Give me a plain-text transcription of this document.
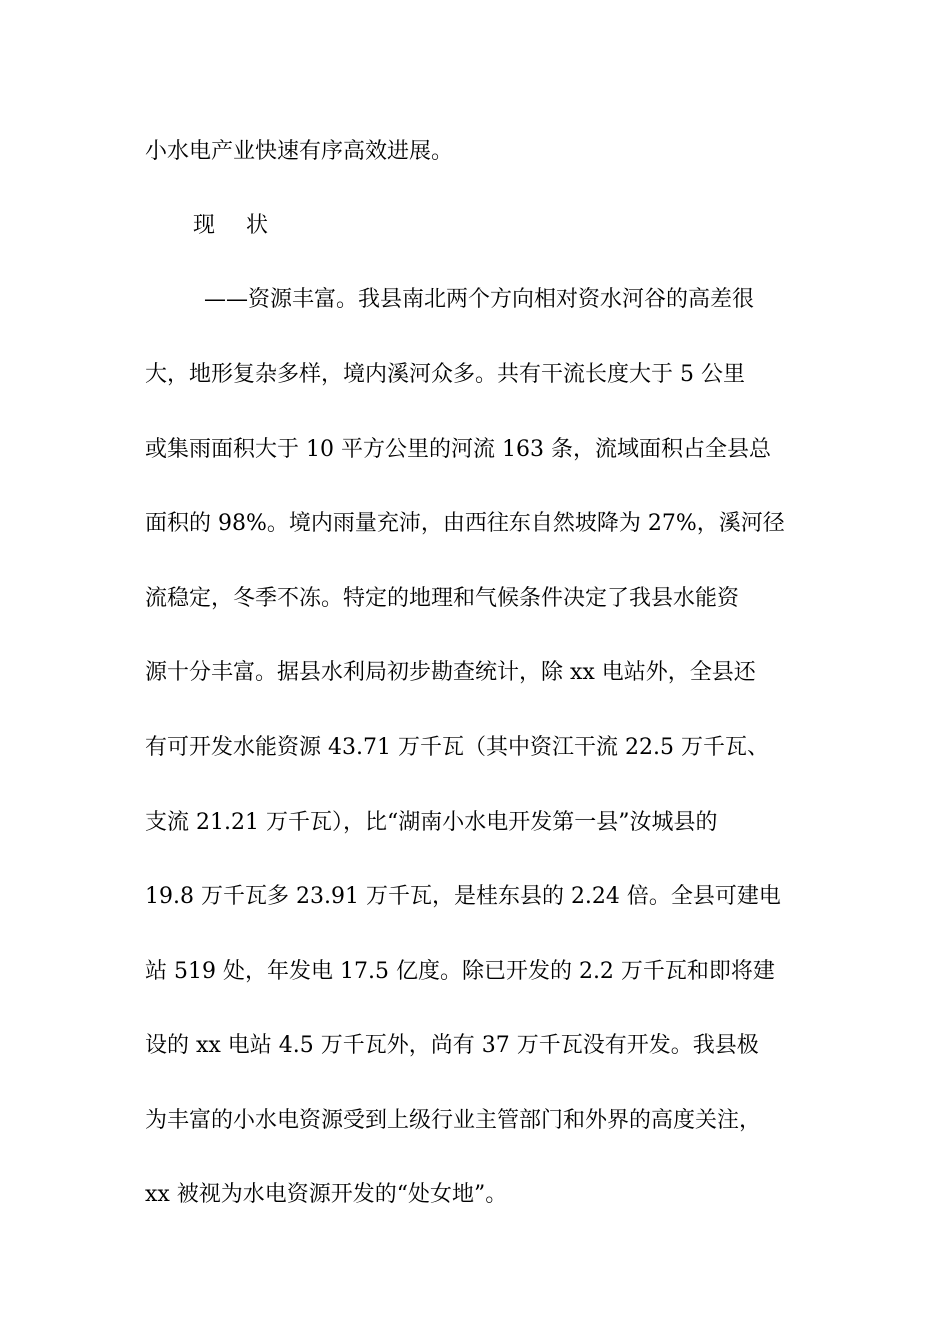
小水电产业快速有序高效进展。
现 状
——资源丰富。我县南北两个方向相对资水河谷的高差很
大，地形复杂多样，境内溪河众多。共有干流长度大于 5 公里
或集雨面积大于 10 平方公里的河流 163 条，流域面积占全县总
面积的 98%。境内雨量充沛，由西往东自然坡降为 27%，溪河径
流稳定，冬季不冻。特定的地理和气候条件决定了我县水能资
源十分丰富。据县水利局初步勘查统计，除 xx 电站外，全县还
有可开发水能资源 43.71 万千瓦（其中资江干流 22.5 万千瓦、
支流 21.21 万千瓦），比“湖南小水电开发第一县”汝城县的
19.8 万千瓦多 23.91 万千瓦，是桂东县的 2.24 倍。全县可建电
站 519 处，年发电 17.5 亿度。除已开发的 2.2 万千瓦和即将建
设的 xx 电站 4.5 万千瓦外，尚有 37 万千瓦没有开发。我县极
为丰富的小水电资源受到上级行业主管部门和外界的高度关注，
xx 被视为水电资源开发的“处女地”。
